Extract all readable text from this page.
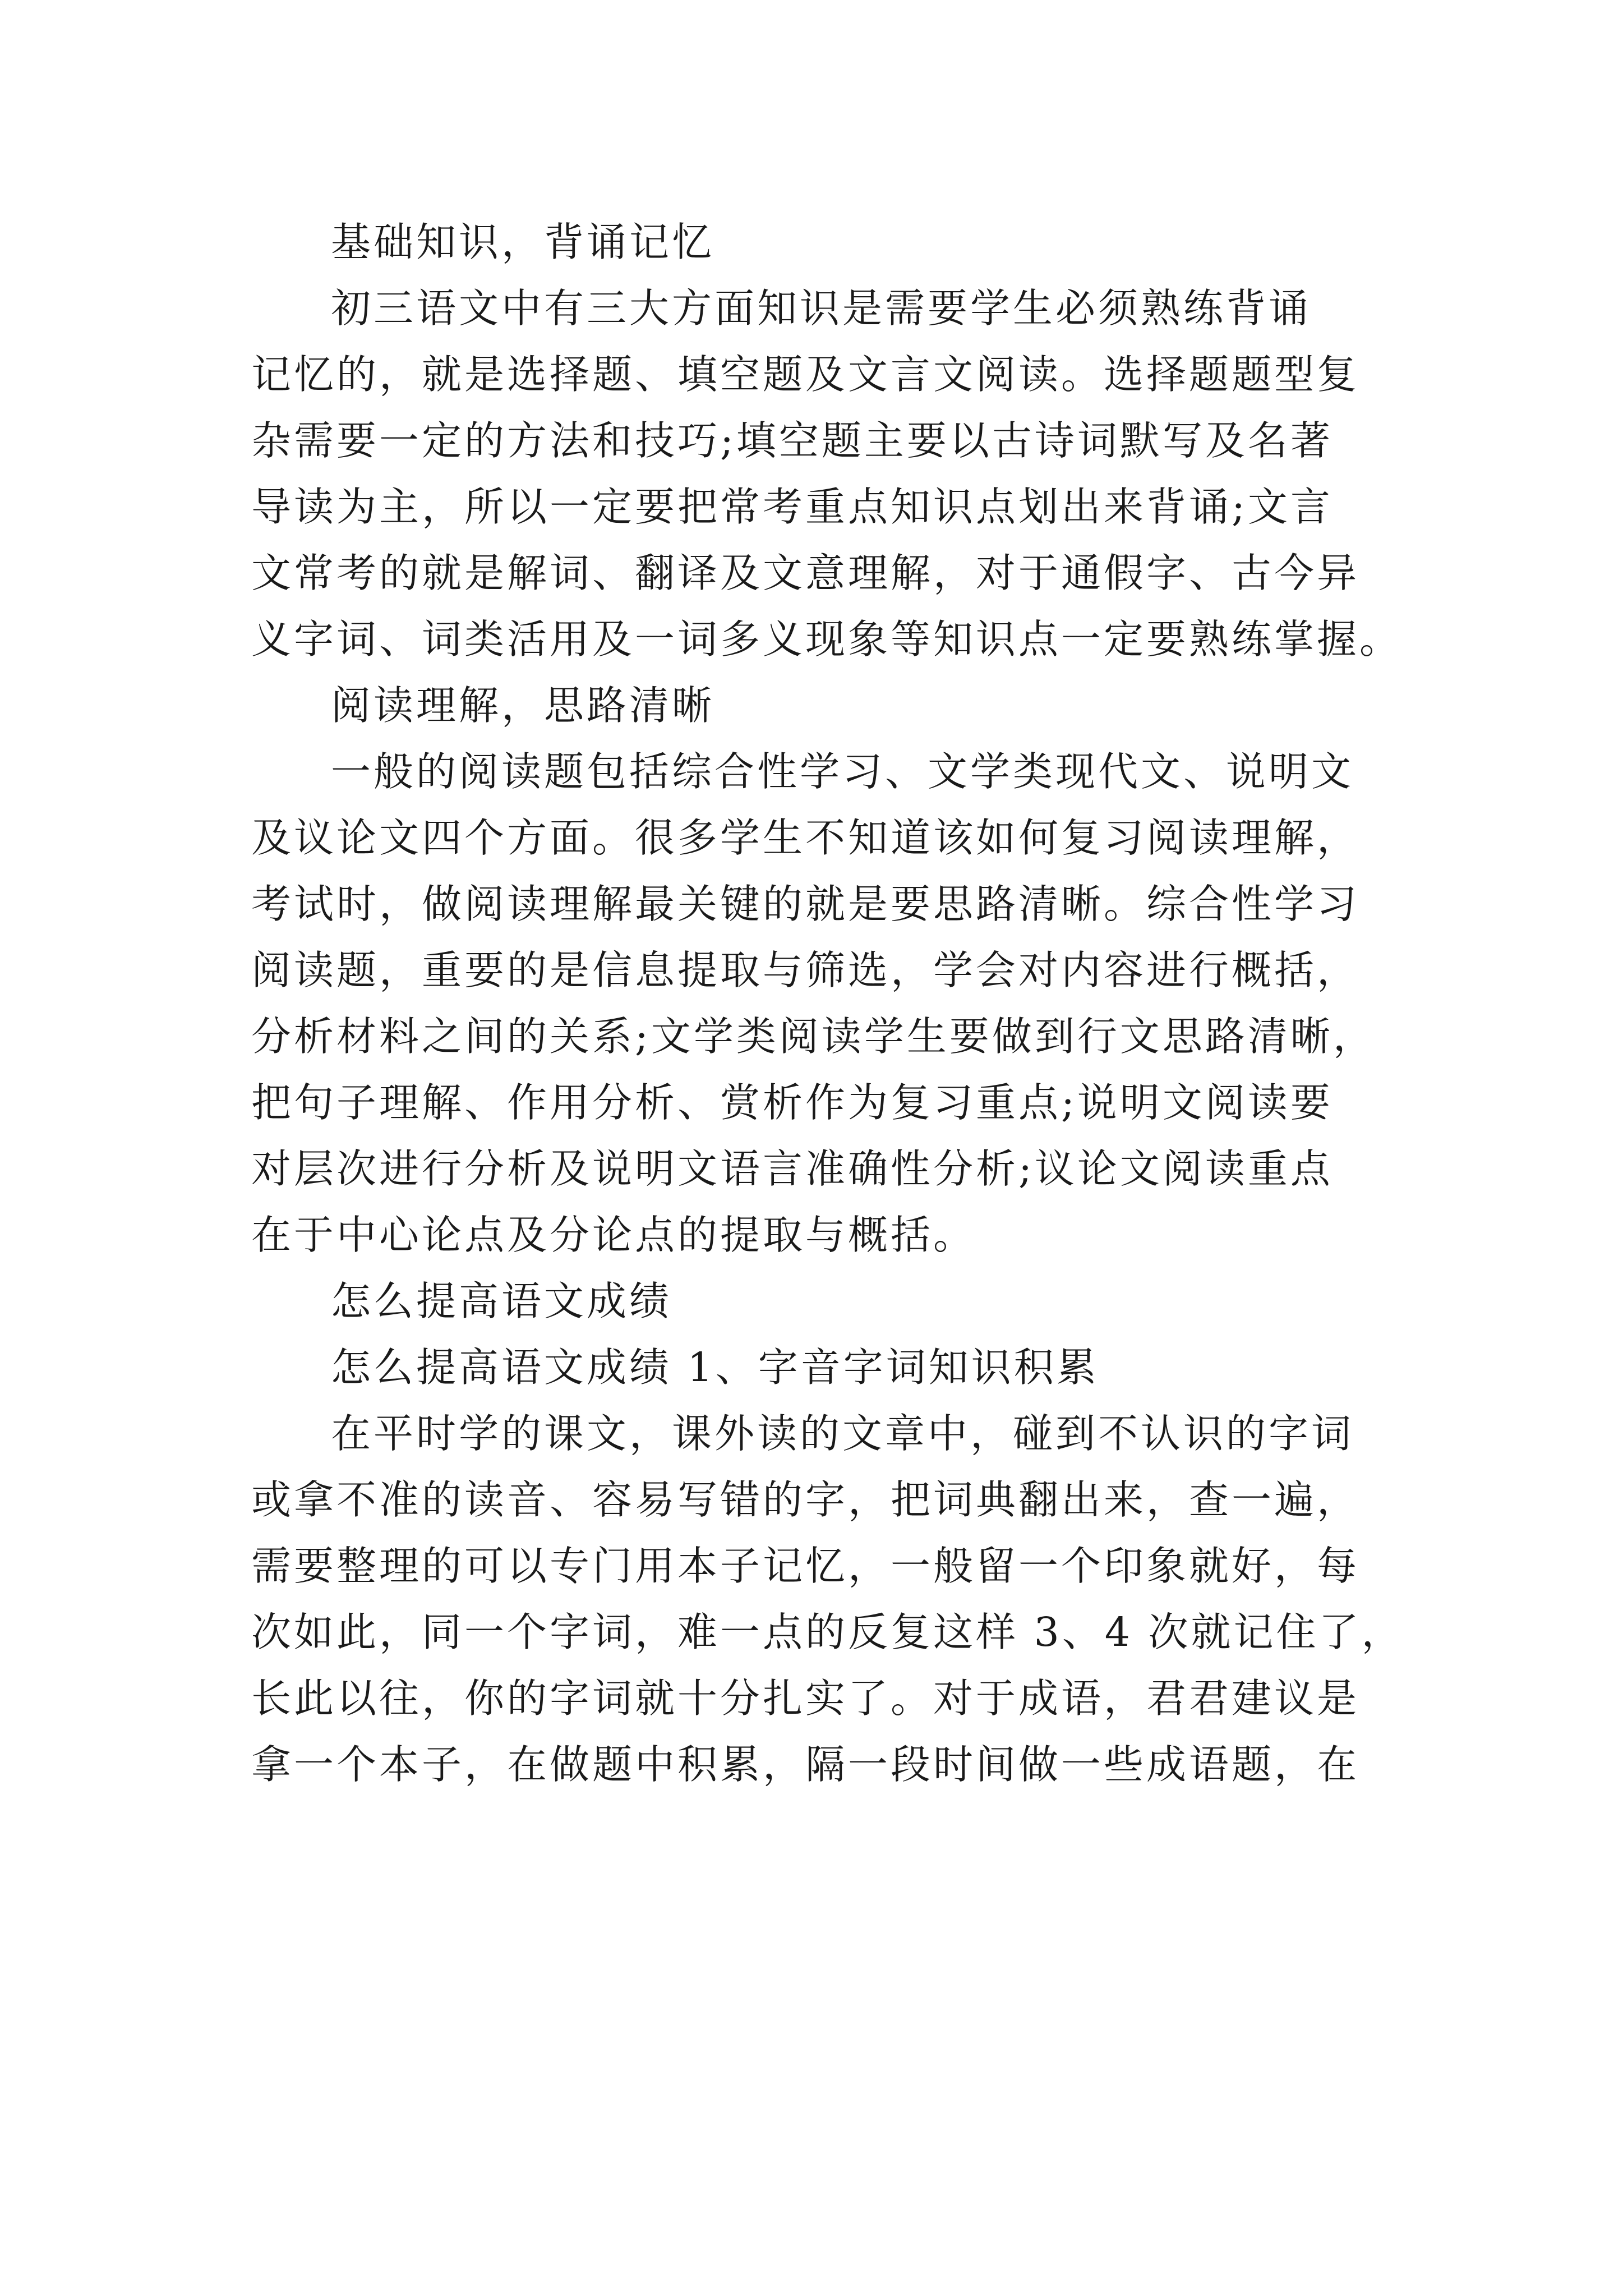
基础知识，背诵记忆
初三语文中有三大方面知识是需要学生必须熟练背诵
记忆的，就是选择题、填空题及文言文阅读。选择题题型复
杂需要一定的方法和技巧;填空题主要以古诗词默写及名著
导读为主，所以一定要把常考重点知识点划出来背诵;文言
文常考的就是解词、翻译及文意理解，对于通假字、古今异
义字词、词类活用及一词多义现象等知识点一定要熟练掌握。
阅读理解，思路清晰
一般的阅读题包括综合性学习、文学类现代文、说明文
及议论文四个方面。很多学生不知道该如何复习阅读理解，
考试时，做阅读理解最关键的就是要思路清晰。综合性学习
阅读题，重要的是信息提取与筛选，学会对内容进行概括，
分析材料之间的关系;文学类阅读学生要做到行文思路清晰，
把句子理解、作用分析、赏析作为复习重点;说明文阅读要
对层次进行分析及说明文语言准确性分析;议论文阅读重点
在于中心论点及分论点的提取与概括。
怎么提高语文成绩
怎么提高语文成绩 1、字音字词知识积累
在平时学的课文，课外读的文章中，碰到不认识的字词
或拿不准的读音、容易写错的字，把词典翻出来，查一遍，
需要整理的可以专门用本子记忆，一般留一个印象就好，每
次如此，同一个字词，难一点的反复这样 3、4 次就记住了，
长此以往，你的字词就十分扎实了。对于成语，君君建议是
拿一个本子，在做题中积累，隔一段时间做一些成语题，在
